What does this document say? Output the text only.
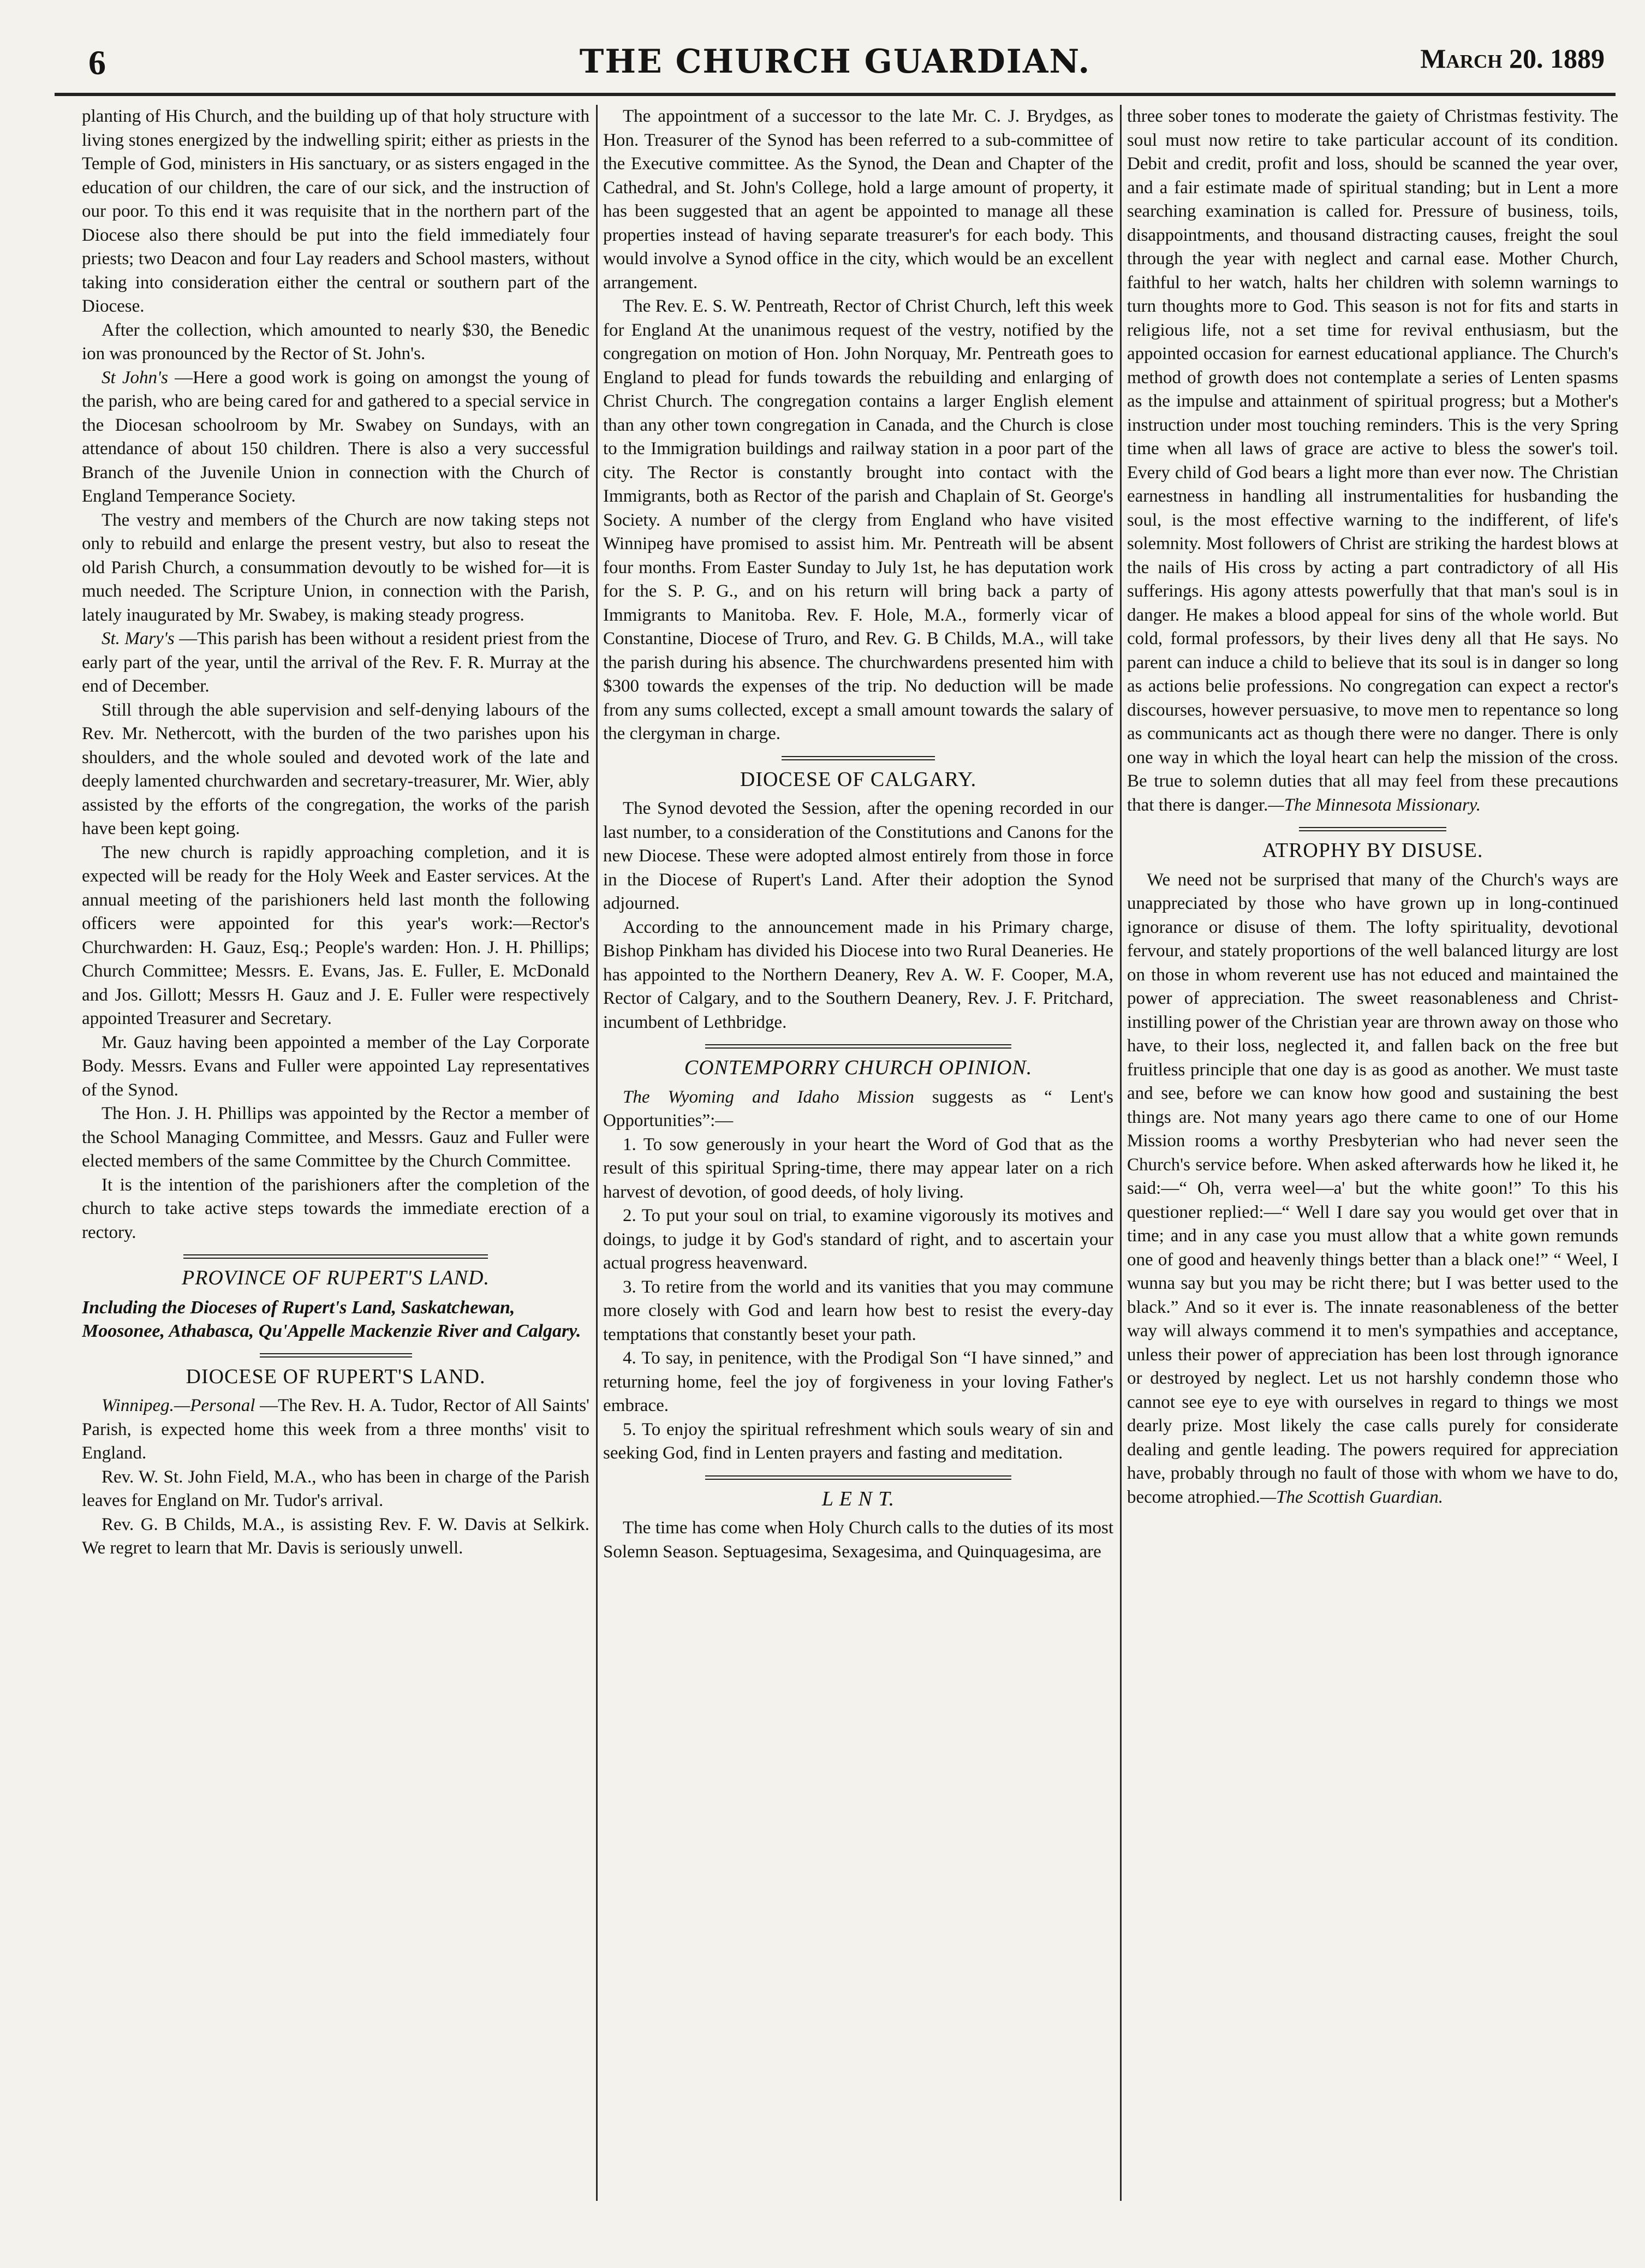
6	THE CHURCH GUARDIAN.	March 20. 1889

planting of His Church, and the building up of that holy structure with living stones energized by the indwelling spirit; either as priests in the Temple of God, ministers in His sanctuary, or as sisters engaged in the education of our children, the care of our sick, and the instruction of our poor. To this end it was requisite that in the northern part of the Diocese also there should be put into the field immediately four priests; two Deacon and four Lay readers and School masters, without taking into consideration either the central or southern part of the Diocese.

After the collection, which amounted to nearly $30, the Benedic ion was pronounced by the Rector of St. John's.

St John's —Here a good work is going on amongst the young of the parish, who are being cared for and gathered to a special service in the Diocesan schoolroom by Mr. Swabey on Sundays, with an attendance of about 150 children. There is also a very successful Branch of the Juvenile Union in connection with the Church of England Temperance Society.

The vestry and members of the Church are now taking steps not only to rebuild and enlarge the present vestry, but also to reseat the old Parish Church, a consummation devoutly to be wished for—it is much needed. The Scripture Union, in connection with the Parish, lately inaugurated by Mr. Swabey, is making steady progress.

St. Mary's —This parish has been without a resident priest from the early part of the year, until the arrival of the Rev. F. R. Murray at the end of December.

Still through the able supervision and self-denying labours of the Rev. Mr. Nethercott, with the burden of the two parishes upon his shoulders, and the whole souled and devoted work of the late and deeply lamented churchwarden and secretary-treasurer, Mr. Wier, ably assisted by the efforts of the congregation, the works of the parish have been kept going.

The new church is rapidly approaching completion, and it is expected will be ready for the Holy Week and Easter services. At the annual meeting of the parishioners held last month the following officers were appointed for this year's work:—Rector's Churchwarden: H. Gauz, Esq.; People's warden: Hon. J. H. Phillips; Church Committee; Messrs. E. Evans, Jas. E. Fuller, E. McDonald and Jos. Gillott; Messrs H. Gauz and J. E. Fuller were respectively appointed Treasurer and Secretary.

Mr. Gauz having been appointed a member of the Lay Corporate Body. Messrs. Evans and Fuller were appointed Lay representatives of the Synod.

The Hon. J. H. Phillips was appointed by the Rector a member of the School Managing Committee, and Messrs. Gauz and Fuller were elected members of the same Committee by the Church Committee.

It is the intention of the parishioners after the completion of the church to take active steps towards the immediate erection of a rectory.

PROVINCE OF RUPERT'S LAND.

Including the Dioceses of Rupert's Land, Saskatchewan, Moosonee, Athabasca, Qu'Appelle Mackenzie River and Calgary.

DIOCESE OF RUPERT'S LAND.

Winnipeg.—Personal —The Rev. H. A. Tudor, Rector of All Saints' Parish, is expected home this week from a three months' visit to England.

Rev. W. St. John Field, M.A., who has been in charge of the Parish leaves for England on Mr. Tudor's arrival.

Rev. G. B Childs, M.A., is assisting Rev. F. W. Davis at Selkirk. We regret to learn that Mr. Davis is seriously unwell.

The appointment of a successor to the late Mr. C. J. Brydges, as Hon. Treasurer of the Synod has been referred to a sub-committee of the Executive committee. As the Synod, the Dean and Chapter of the Cathedral, and St. John's College, hold a large amount of property, it has been suggested that an agent be appointed to manage all these properties instead of having separate treasurer's for each body. This would involve a Synod office in the city, which would be an excellent arrangement.

The Rev. E. S. W. Pentreath, Rector of Christ Church, left this week for England At the unanimous request of the vestry, notified by the congregation on motion of Hon. John Norquay, Mr. Pentreath goes to England to plead for funds towards the rebuilding and enlarging of Christ Church. The congregation contains a larger English element than any other town congregation in Canada, and the Church is close to the Immigration buildings and railway station in a poor part of the city. The Rector is constantly brought into contact with the Immigrants, both as Rector of the parish and Chaplain of St. George's Society. A number of the clergy from England who have visited Winnipeg have promised to assist him. Mr. Pentreath will be absent four months. From Easter Sunday to July 1st, he has deputation work for the S. P. G., and on his return will bring back a party of Immigrants to Manitoba. Rev. F. Hole, M.A., formerly vicar of Constantine, Diocese of Truro, and Rev. G. B Childs, M.A., will take the parish during his absence. The churchwardens presented him with $300 towards the expenses of the trip. No deduction will be made from any sums collected, except a small amount towards the salary of the clergyman in charge.

DIOCESE OF CALGARY.

The Synod devoted the Session, after the opening recorded in our last number, to a consideration of the Constitutions and Canons for the new Diocese. These were adopted almost entirely from those in force in the Diocese of Rupert's Land. After their adoption the Synod adjourned.

According to the announcement made in his Primary charge, Bishop Pinkham has divided his Diocese into two Rural Deaneries. He has appointed to the Northern Deanery, Rev A. W. F. Cooper, M.A, Rector of Calgary, and to the Southern Deanery, Rev. J. F. Pritchard, incumbent of Lethbridge.

CONTEMPORRY CHURCH OPINION.

The Wyoming and Idaho Mission suggests as “ Lent's Opportunities”:—

1. To sow generously in your heart the Word of God that as the result of this spiritual Spring-time, there may appear later on a rich harvest of devotion, of good deeds, of holy living.

2. To put your soul on trial, to examine vigorously its motives and doings, to judge it by God's standard of right, and to ascertain your actual progress heavenward.

3. To retire from the world and its vanities that you may commune more closely with God and learn how best to resist the every-day temptations that constantly beset your path.

4. To say, in penitence, with the Prodigal Son “I have sinned,” and returning home, feel the joy of forgiveness in your loving Father's embrace.

5. To enjoy the spiritual refreshment which souls weary of sin and seeking God, find in Lenten prayers and fasting and meditation.

L E N T.

The time has come when Holy Church calls to the duties of its most Solemn Season. Septuagesima, Sexagesima, and Quinquagesima, are

three sober tones to moderate the gaiety of Christmas festivity. The soul must now retire to take particular account of its condition. Debit and credit, profit and loss, should be scanned the year over, and a fair estimate made of spiritual standing; but in Lent a more searching examination is called for. Pressure of business, toils, disappointments, and thousand distracting causes, freight the soul through the year with neglect and carnal ease. Mother Church, faithful to her watch, halts her children with solemn warnings to turn thoughts more to God. This season is not for fits and starts in religious life, not a set time for revival enthusiasm, but the appointed occasion for earnest educational appliance. The Church's method of growth does not contemplate a series of Lenten spasms as the impulse and attainment of spiritual progress; but a Mother's instruction under most touching reminders. This is the very Spring time when all laws of grace are active to bless the sower's toil. Every child of God bears a light more than ever now. The Christian earnestness in handling all instrumentalities for husbanding the soul, is the most effective warning to the indifferent, of life's solemnity. Most followers of Christ are striking the hardest blows at the nails of His cross by acting a part contradictory of all His sufferings. His agony attests powerfully that that man's soul is in danger. He makes a blood appeal for sins of the whole world. But cold, formal professors, by their lives deny all that He says. No parent can induce a child to believe that its soul is in danger so long as actions belie professions. No congregation can expect a rector's discourses, however persuasive, to move men to repentance so long as communicants act as though there were no danger. There is only one way in which the loyal heart can help the mission of the cross. Be true to solemn duties that all may feel from these precautions that there is danger.—The Minnesota Missionary.

ATROPHY BY DISUSE.

We need not be surprised that many of the Church's ways are unappreciated by those who have grown up in long-continued ignorance or disuse of them. The lofty spirituality, devotional fervour, and stately proportions of the well balanced liturgy are lost on those in whom reverent use has not educed and maintained the power of appreciation. The sweet reasonableness and Christ-instilling power of the Christian year are thrown away on those who have, to their loss, neglected it, and fallen back on the free but fruitless principle that one day is as good as another. We must taste and see, before we can know how good and sustaining the best things are. Not many years ago there came to one of our Home Mission rooms a worthy Presbyterian who had never seen the Church's service before. When asked afterwards how he liked it, he said:—“ Oh, verra weel—a' but the white goon!” To this his questioner replied:—“ Well I dare say you would get over that in time; and in any case you must allow that a white gown remunds one of good and heavenly things better than a black one!” “ Weel, I wunna say but you may be richt there; but I was better used to the black.” And so it ever is. The innate reasonableness of the better way will always commend it to men's sympathies and acceptance, unless their power of appreciation has been lost through ignorance or destroyed by neglect. Let us not harshly condemn those who cannot see eye to eye with ourselves in regard to things we most dearly prize. Most likely the case calls purely for considerate dealing and gentle leading. The powers required for appreciation have, probably through no fault of those with whom we have to do, become atrophied.—The Scottish Guardian.
